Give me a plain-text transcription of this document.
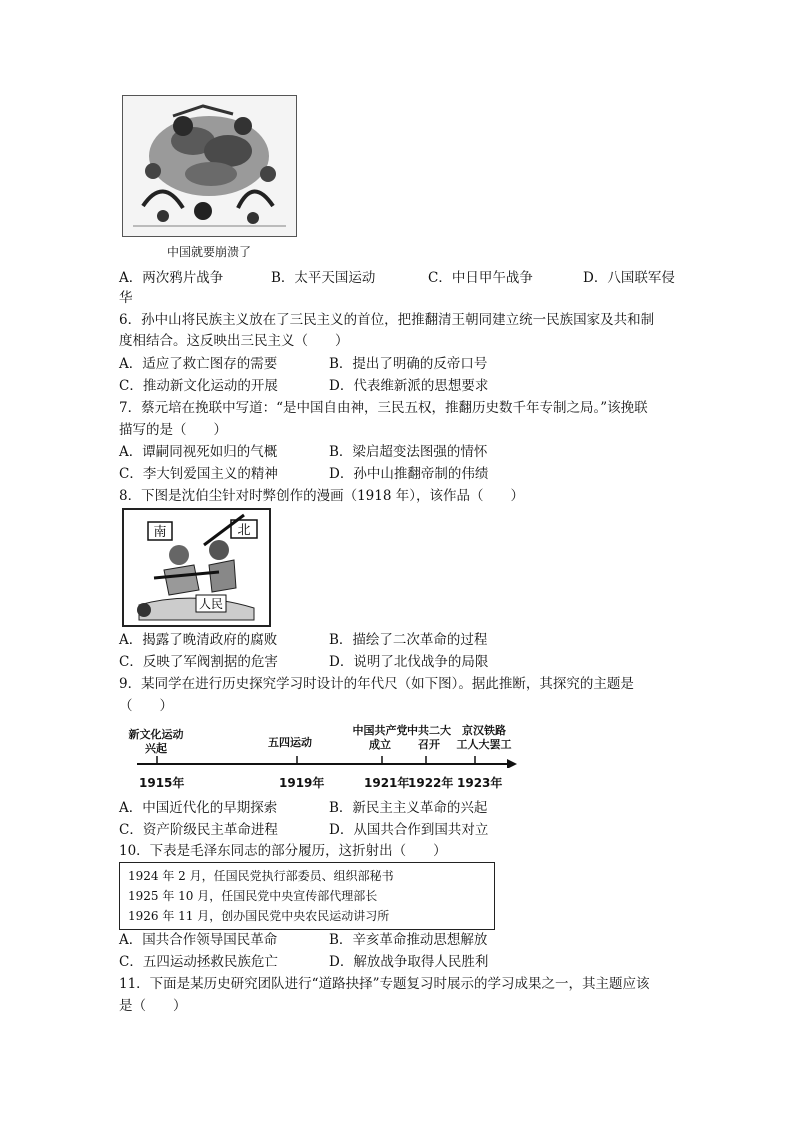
中国就要崩溃了
A．两次鸦片战争	B．太平天国运动	C．中日甲午战争	D．八国联军侵
华
6．孙中山将民族主义放在了三民主义的首位，把推翻清王朝同建立统一民族国家及共和制
度相结合。这反映出三民主义（　　）
A．适应了救亡图存的需要	B．提出了明确的反帝口号
C．推动新文化运动的开展	D．代表维新派的思想要求
7．蔡元培在挽联中写道：“是中国自由神，三民五权，推翻历史数千年专制之局。”该挽联
描写的是（　　）
A．谭嗣同视死如归的气概	B．梁启超变法图强的情怀
C．李大钊爱国主义的精神	D．孙中山推翻帝制的伟绩
8．下图是沈伯尘针对时弊创作的漫画（1918 年），该作品（　　）
南	北
人民
A．揭露了晚清政府的腐败	B．描绘了二次革命的过程
C．反映了军阀割据的危害	D．说明了北伐战争的局限
9．某同学在进行历史探究学习时设计的年代尺（如下图）。据此推断，其探究的主题是
（　　）
新文化运动
兴起	五四运动
中国共产党
成立
中共二大
召开
京汉铁路
工人大罢工
1915年	1919年	1921年
1922年 1923年
A．中国近代化的早期探索	B．新民主主义革命的兴起
C．资产阶级民主革命进程	D．从国共合作到国共对立
10．下表是毛泽东同志的部分履历，这折射出（　　）
1924 年 2 月，任国民党执行部委员、组织部秘书
1925 年 10 月，任国民党中央宣传部代理部长
1926 年 11 月，创办国民党中央农民运动讲习所
A．国共合作领导国民革命	B．辛亥革命推动思想解放
C．五四运动拯救民族危亡	D．解放战争取得人民胜利
11．下面是某历史研究团队进行“道路抉择”专题复习时展示的学习成果之一，其主题应该
是（　　）
